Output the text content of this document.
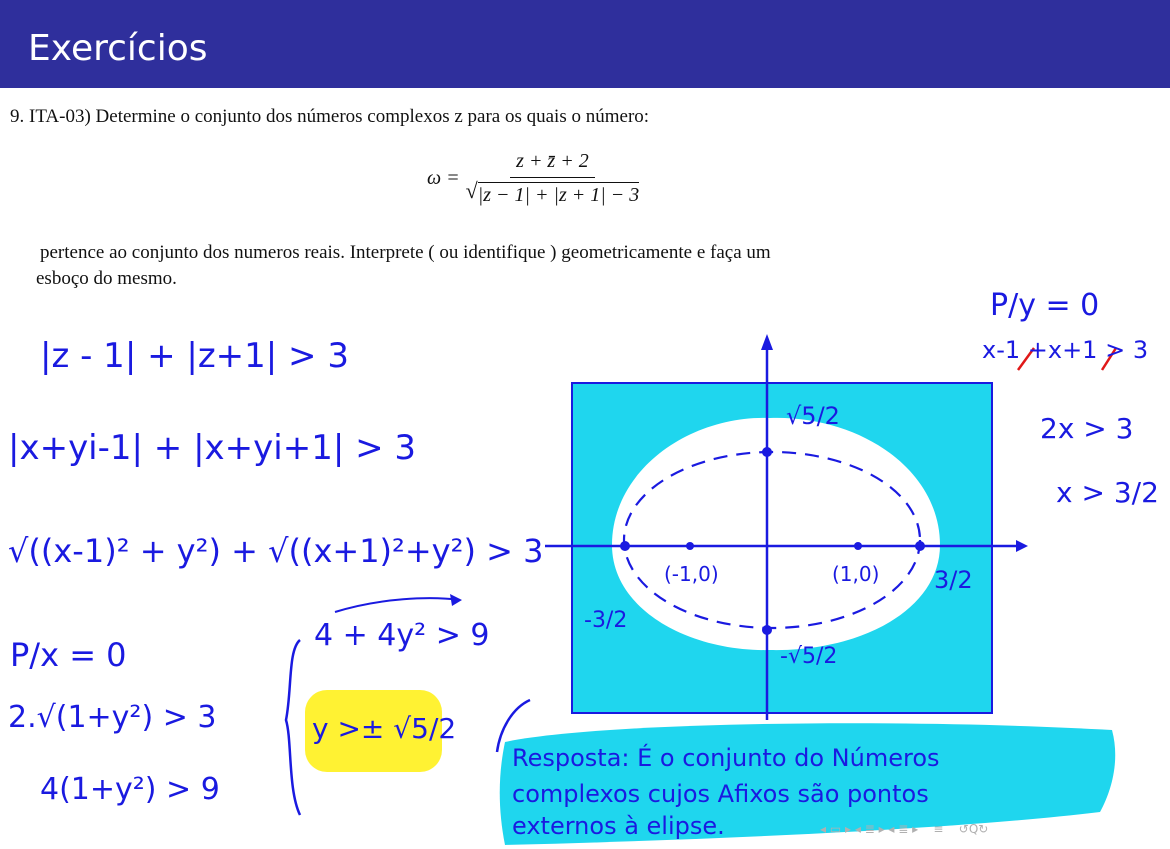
Exercícios
9. ITA-03) Determine o conjunto dos números complexos z para os quais o número:
$\omega = \frac{z + z̄ + 2}{√ |z - 1| + |z + 1| - 3}$
pertence ao conjunto dos numeros reais. Interprete ( ou identifique ) geometricamente e faça um
esboço do mesmo.
|z - 1| + |z+1| > 3
|x+yi-1| + |x+yi+1| > 3
√((x-1)² + y²) + √((x+1)²+y²) > 3
P/x = 0
2.√(1+y²) > 3
4(1+y²) > 9
4 + 4y² > 9
y >± √5/2
P/y = 0
x-1 +x+1 > 3
2x > 3
x > 3/2
√5/2
(-1,0)	(1,0) 3/2
-3/2
-√5/2
Resposta: É o conjunto do Números
complexos cujos Afixos são pontos
externos à elipse.	◂ ▭ ▸ ◂ ≣ ▸ ◂ ≣ ▸    ≡    ↺Q↻
